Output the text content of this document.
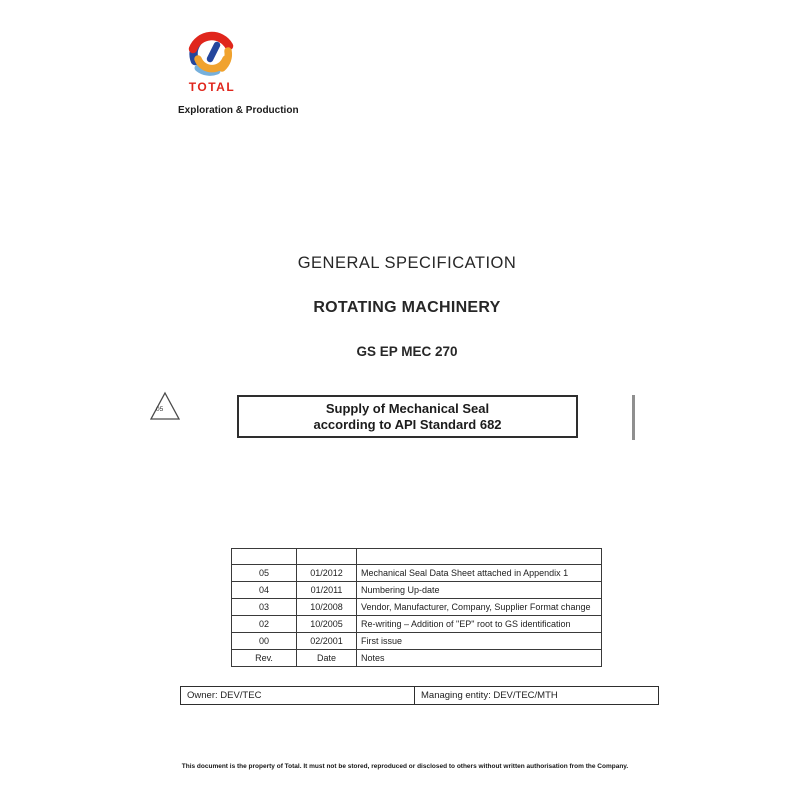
TOTAL
Exploration & Production
GENERAL SPECIFICATION
ROTATING MACHINERY
GS EP MEC 270
05	Supply of Mechanical Seal
according to API Standard 682

05	01/2012	Mechanical Seal Data Sheet attached in Appendix 1
04	01/2011	Numbering Up-date
03	10/2008	Vendor, Manufacturer, Company, Supplier Format change
02	10/2005	Re-writing – Addition of "EP" root to GS identification
00	02/2001	First issue
Rev.	Date	Notes
Owner: DEV/TEC	Managing entity: DEV/TEC/MTH
This document is the property of Total. It must not be stored, reproduced or disclosed to others without written authorisation from the Company.
